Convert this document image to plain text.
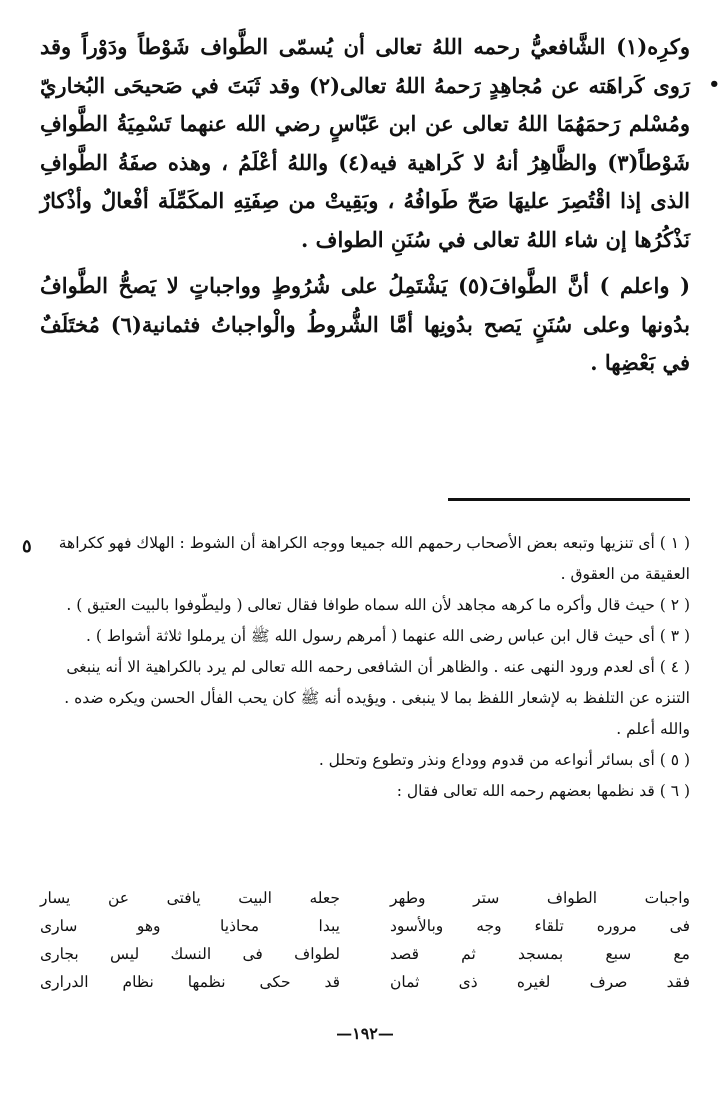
وكرِه(١) الشَّافعيُّ رحمه اللهُ تعالى أن يُسمّى الطَّواف شَوْطاً ودَوْراً وقد رَوى كَراهَته عن مُجاهِدٍ رَحمهُ اللهُ تعالى(٢) وقد ثَبَتَ في صَحيحَى البُخاريّ ومُسْلم رَحمَهُمَا اللهُ تعالى عن ابن عَبّاسٍ رضي الله عنهما تَسْمِيَةُ الطَّوافِ شَوْطاً(٣) والظَّاهِرُ أنهُ لا كَراهية فيه(٤) واللهُ أعْلَمُ ، وهذه صفَةُ الطَّوافِ الذى إذا اقْتُصِرَ عليهَا صَحّ طَوافُهُ ، وبَقِيتْ من صِفَتِهِ المكَمِّلَة أفْعالٌ وأذْكارٌ نَذْكُرُها إن شاء اللهُ تعالى في سُنَنِ الطواف .

( واعلم ) أنَّ الطَّوافَ(٥) يَشْتَمِلُ على شُرُوطٍ وواجباتٍ لا يَصحُّ الطَّوافُ بدُونها وعلى سُنَنٍ يَصح بدُونِها أمَّا الشُّروطُ والْواجباتُ فثمانية(٦) مُختَلَفٌ في بَعْضِها .

( ١ ) أى تنزيها وتبعه بعض الأصحاب رحمهم الله جميعا ووجه الكراهة أن الشوط : الهلاك فهو ككراهة العقيقة من العقوق .

( ٢ ) حيث قال وأكره ما كرهه مجاهد لأن الله سماه طوافا فقال تعالى ( وليطّوفوا بالبيت العتيق ) .

( ٣ ) أى حيث قال ابن عباس رضى الله عنهما ( أمرهم رسول الله ﷺ أن يرملوا ثلاثة أشواط ) .

( ٤ ) أى لعدم ورود النهى عنه . والظاهر أن الشافعى رحمه الله تعالى لم يرد بالكراهية الا أنه ينبغى التنزه عن التلفظ به لإشعار اللفظ بما لا ينبغى . ويؤيده أنه ﷺ كان يحب الفأل الحسن ويكره ضده . والله أعلم .

( ٥ ) أى بسائر أنواعه من قدوم ووداع ونذر وتطوع وتحلل .

( ٦ ) قد نظمها بعضهم رحمه الله تعالى فقال :

واجبات الطواف ستر وطهر
جعله البيت يافتى عن يسار
فى مروره تلقاء وجه وبالأسود
يبدا محاذيا وهو سارى
مع سبع بمسجد ثم قصد
لطواف فى النسك ليس بجارى
فقد صرف لغيره ذى ثمان
قد حكى نظمها نظام الدرارى
—١٩٢—
•
٥
